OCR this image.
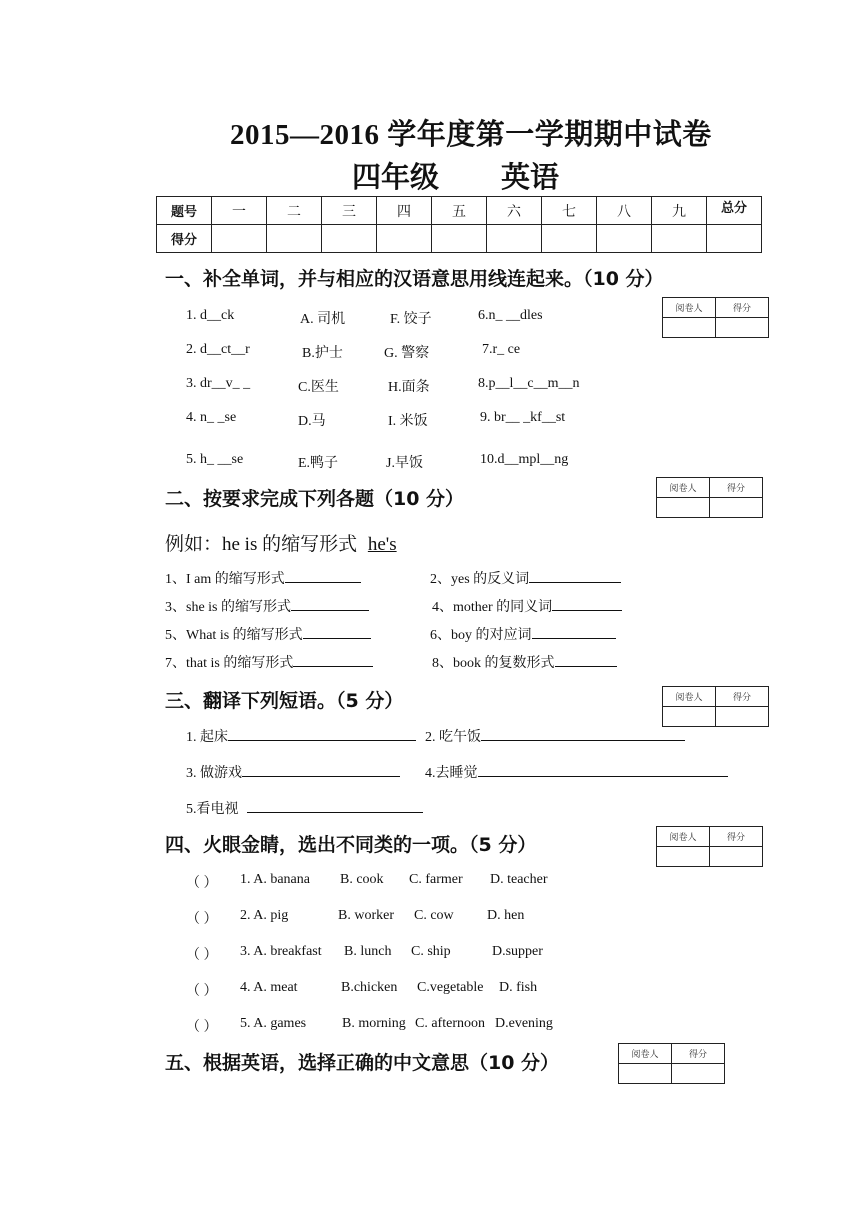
2015—2016 学年度第一学期期中试卷
四年级 英语
题号	一	二	三	四	五	六	七	八	九	总分
得分										
一、补全单词，并与相应的汉语意思用线连起来。（10 分）
阅卷人	得分

1. d__ck	A. 司机	F. 饺子	6.n_ __dles
2. d__ct__r	B.护士	G. 警察	7.r_ ce
3. dr__v_ _	C.医生	H.面条	8.p__l__c__m__n
4. n_ _se	D.马	I. 米饭	9. br__ _kf__st
5. h_ __se	E.鸭子	J.早饭	10.d__mpl__ng
二、按要求完成下列各题（10 分）	阅卷人	得分

例如：he is 的缩写形式 he's
1、I am 的缩写形式	2、yes 的反义词
3、she is 的缩写形式	4、mother 的同义词
5、What is 的缩写形式	6、boy 的对应词
7、that is 的缩写形式	8、book 的复数形式
三、翻译下列短语。（5 分）	阅卷人	得分

1. 起床	2. 吃午饭
3. 做游戏	4.去睡觉
5.看电视
四、火眼金睛，选出不同类的一项。（5 分）	阅卷人	得分

（ ） 1. A. banana B. cook C. farmer D. teacher
（ ） 2. A. pig	B. worker C. cow D. hen
（ ） 3. A. breakfast B. lunch C. ship	D.supper
（ ） 4. A. meat	B.chicken C.vegetable D. fish
（ ） 5. A. games	B. morning C. afternoon D.evening
五、根据英语，选择正确的中文意思（10 分）	阅卷人	得分
